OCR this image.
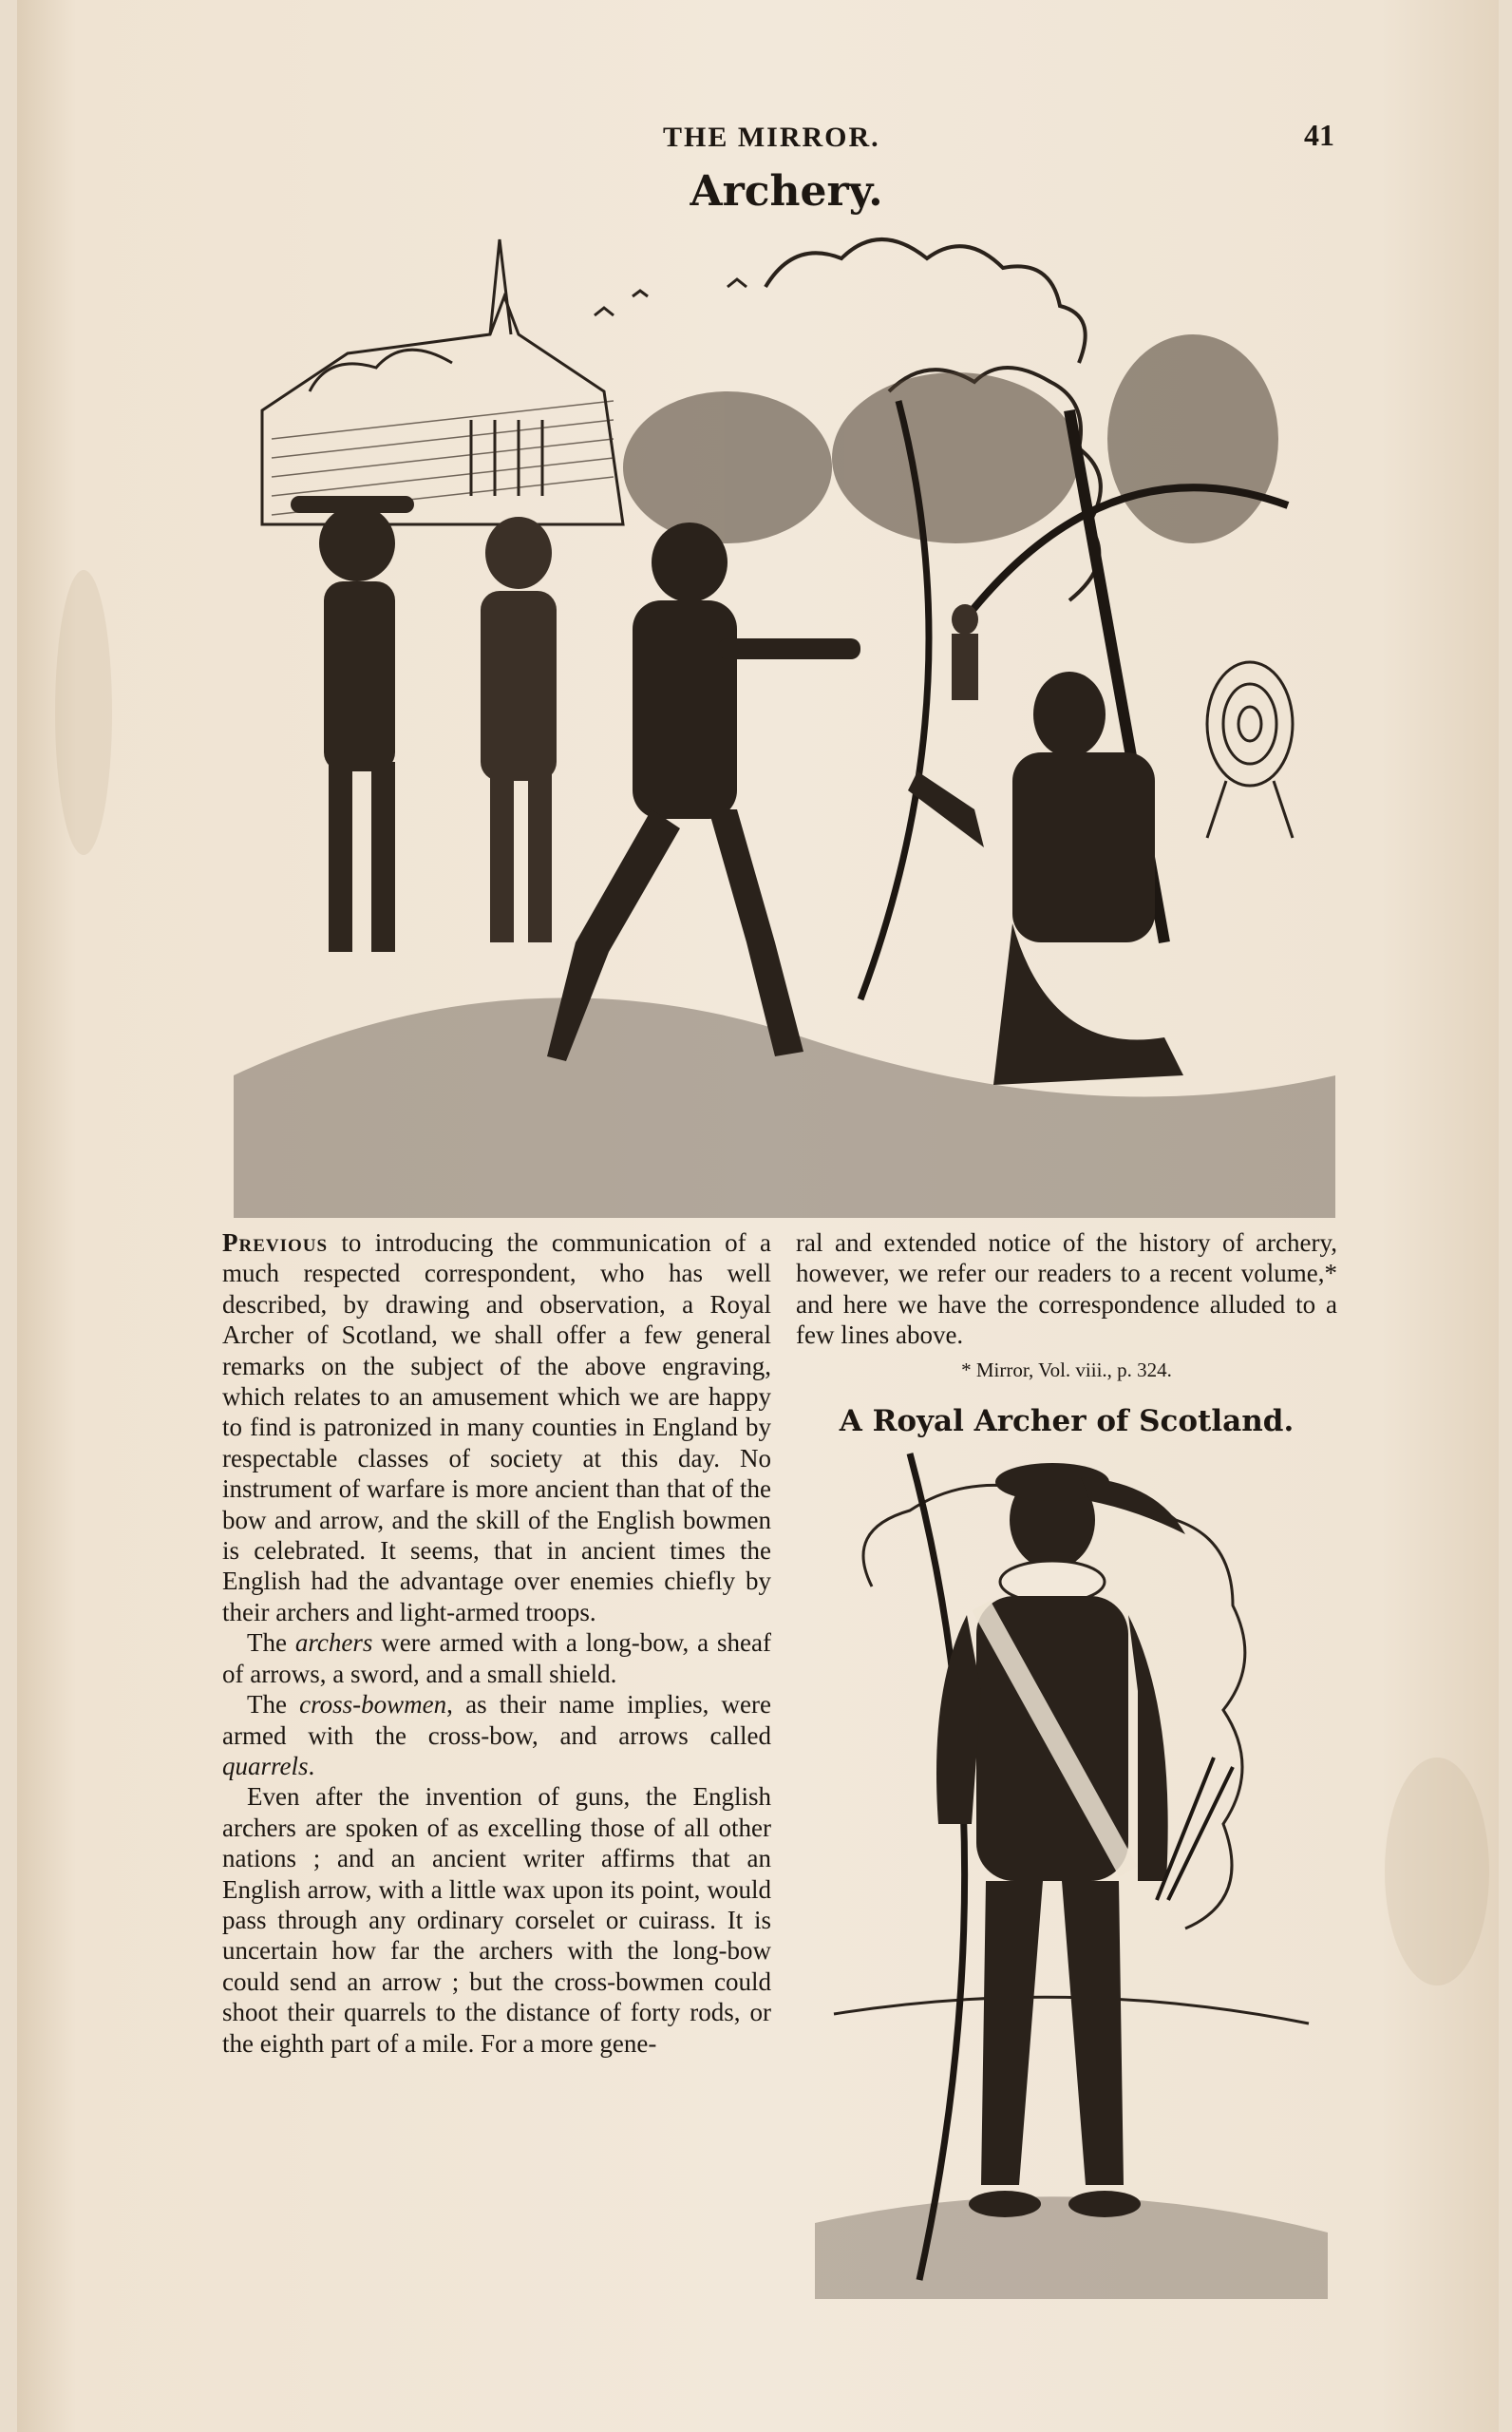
THE MIRROR.	41
Archery.

Previous to introducing the communication of a much respected correspondent, who has well described, by drawing and observation, a Royal Archer of Scotland, we shall offer a few general remarks on the subject of the above engraving, which relates to an amusement which we are happy to find is patronized in many counties in England by respectable classes of society at this day. No instrument of warfare is more ancient than that of the bow and arrow, and the skill of the English bowmen is celebrated. It seems, that in ancient times the English had the advantage over enemies chiefly by their archers and light-armed troops.

The archers were armed with a long-bow, a sheaf of arrows, a sword, and a small shield.

The cross-bowmen, as their name implies, were armed with the cross-bow, and arrows called quarrels.

Even after the invention of guns, the English archers are spoken of as excelling those of all other nations ; and an ancient writer affirms that an English arrow, with a little wax upon its point, would pass through any ordinary corselet or cuirass. It is uncertain how far the archers with the long-bow could send an arrow ; but the cross-bowmen could shoot their quarrels to the distance of forty rods, or the eighth part of a mile. For a more gene-

ral and extended notice of the history of archery, however, we refer our readers to a recent volume,* and here we have the correspondence alluded to a few lines above.

* Mirror, Vol. viii., p. 324.

A Royal Archer of Scotland.
